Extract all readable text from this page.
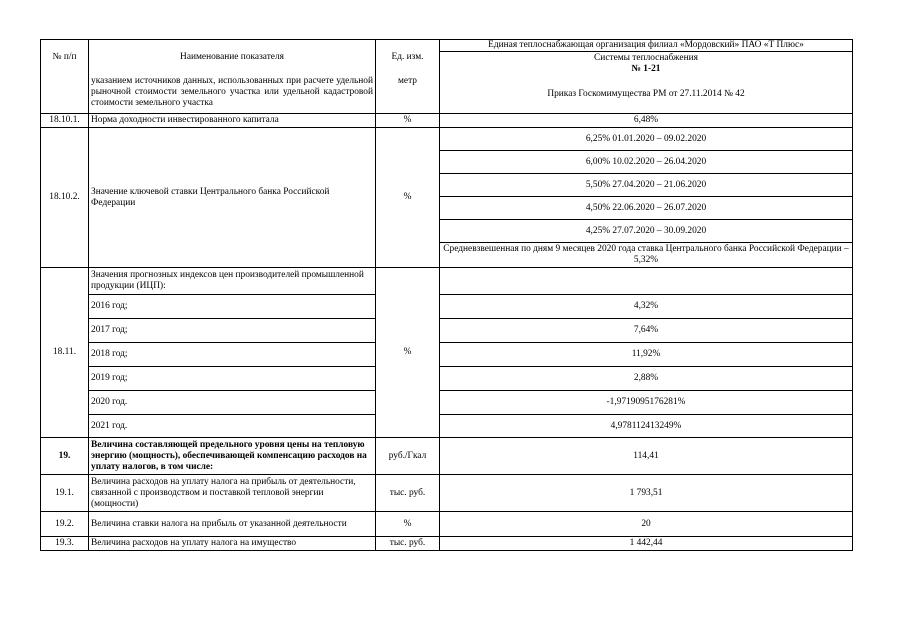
№ п/п	Наименование показателя	Ед. изм.	Единая теплоснабжающая организация филиал «Мордовский» ПАО «Т Плюс»

			Системы теплоснабжения
№ 1-21

	указанием источников данных, использованных при расчете удельной рыночной стоимости земельного участка или удельной кадастровой стоимости земельного участка	метр	Приказ Госкомимущества РМ от 27.11.2014 № 42
18.10.1.	Норма доходности инвестированного капитала	%	6,48%
18.10.2.	Значение ключевой ставки Центрального банка Российской Федерации	%	6,25% 01.01.2020 – 09.02.2020
			6,00% 10.02.2020 – 26.04.2020
			5,50% 27.04.2020 – 21.06.2020
			4,50% 22.06.2020 – 26.07.2020
			4,25% 27.07.2020 – 30.09.2020
			Средневзвешенная по дням 9 месяцев 2020 года ставка Центрального банка Российской Федерации – 5,32%
18.11.	Значения прогнозных индексов цен производителей промышленной продукции (ИЦП):	%	
	2016 год;		4,32%
	2017 год;		7,64%
	2018 год;		11,92%
	2019 год;		2,88%
	2020 год.		-1,9719095176281%
	2021 год.		4,978112413249%
19.	Величина составляющей предельного уровня цены на тепловую энергию (мощность), обеспечивающей компенсацию расходов на уплату налогов, в том числе:	руб./Гкал	114,41
19.1.	Величина расходов на уплату налога на прибыль от деятельности, связанной с производством и поставкой тепловой энергии (мощности)	тыс. руб.	1 793,51
19.2.	Величина ставки налога на прибыль от указанной деятельности	%	20
19.3.	Величина расходов на уплату налога на имущество	тыс. руб.	1 442,44
